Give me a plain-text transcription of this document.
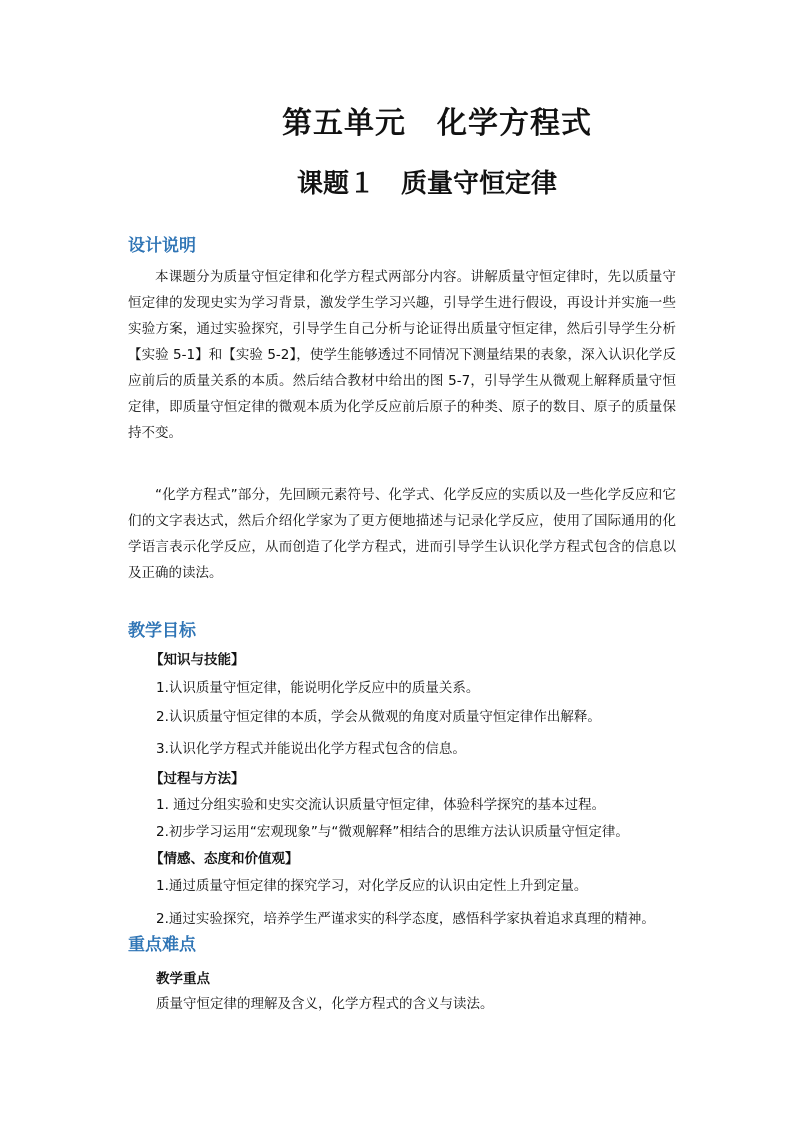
第五单元　化学方程式
课题１　质量守恒定律
设计说明

本课题分为质量守恒定律和化学方程式两部分内容。讲解质量守恒定律时，先以质量守恒定律的发现史实为学习背景，激发学生学习兴趣，引导学生进行假设，再设计并实施一些实验方案，通过实验探究，引导学生自己分析与论证得出质量守恒定律，然后引导学生分析【实验 5-1】和【实验 5-2】，使学生能够透过不同情况下测量结果的表象，深入认识化学反应前后的质量关系的本质。然后结合教材中给出的图 5-7，引导学生从微观上解释质量守恒定律，即质量守恒定律的微观本质为化学反应前后原子的种类、原子的数目、原子的质量保持不变。

“化学方程式”部分，先回顾元素符号、化学式、化学反应的实质以及一些化学反应和它们的文字表达式，然后介绍化学家为了更方便地描述与记录化学反应，使用了国际通用的化学语言表示化学反应，从而创造了化学方程式，进而引导学生认识化学方程式包含的信息以及正确的读法。

教学目标
【知识与技能】
1.认识质量守恒定律，能说明化学反应中的质量关系。
2.认识质量守恒定律的本质，学会从微观的角度对质量守恒定律作出解释。
3.认识化学方程式并能说出化学方程式包含的信息。
【过程与方法】
1. 通过分组实验和史实交流认识质量守恒定律，体验科学探究的基本过程。
2.初步学习运用“宏观现象”与“微观解释”相结合的思维方法认识质量守恒定律。
【情感、态度和价值观】
1.通过质量守恒定律的探究学习，对化学反应的认识由定性上升到定量。
2.通过实验探究，培养学生严谨求实的科学态度，感悟科学家执着追求真理的精神。
重点难点
教学重点
质量守恒定律的理解及含义，化学方程式的含义与读法。
